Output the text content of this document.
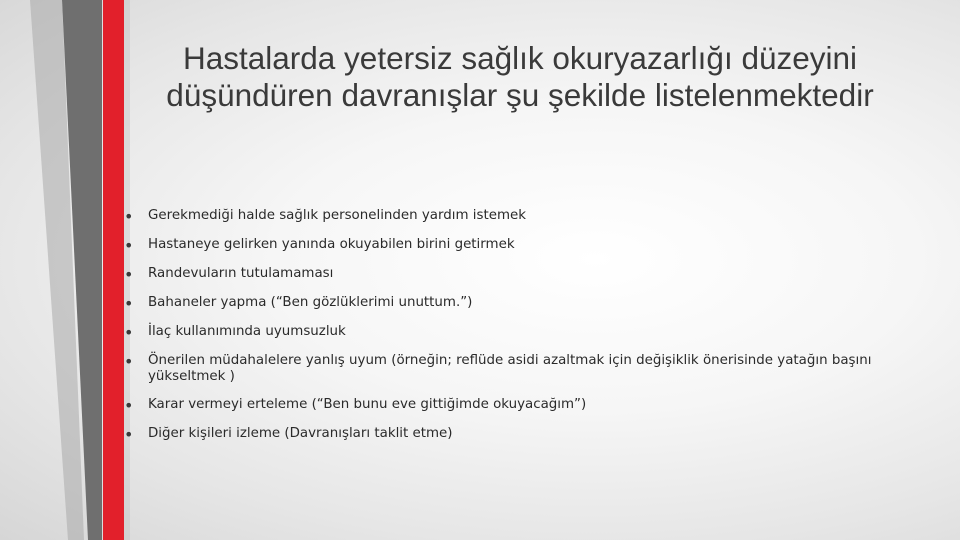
Hastalarda yetersiz sağlık okuryazarlığı düzeyini düşündüren davranışlar şu şekilde listelenmektedir
• Gerekmediği halde sağlık personelinden yardım istemek
• Hastaneye gelirken yanında okuyabilen birini getirmek
• Randevuların tutulamaması
• Bahaneler yapma (“Ben gözlüklerimi unuttum.”)
• İlaç kullanımında uyumsuzluk
• Önerilen müdahalelere yanlış uyum (örneğin; reflüde asidi azaltmak için değişiklik önerisinde yatağın başını yükseltmek )
• Karar vermeyi erteleme (“Ben bunu eve gittiğimde okuyacağım”)
• Diğer kişileri izleme (Davranışları taklit etme)
